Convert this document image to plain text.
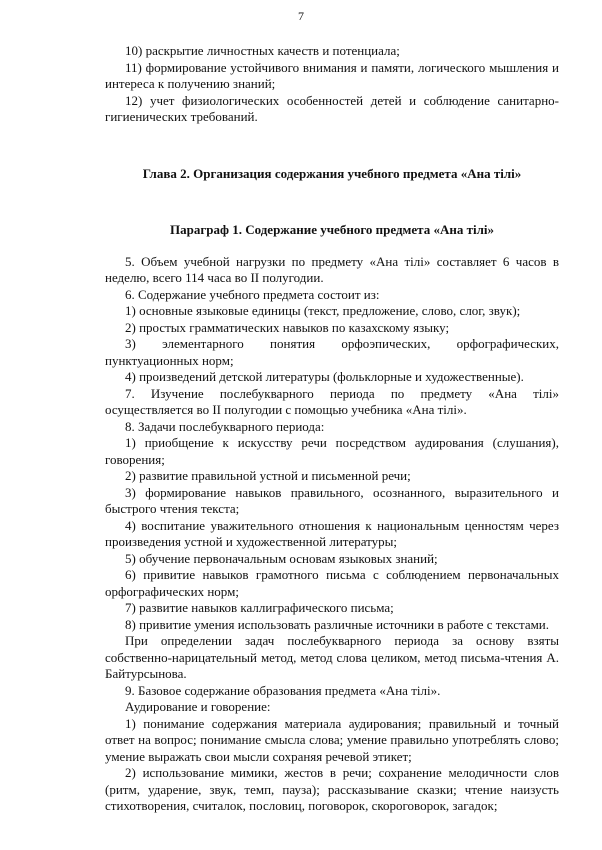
7

10) раскрытие личностных качеств и потенциала;

11) формирование устойчивого внимания и памяти, логического мышления и интереса к получению знаний;

12) учет физиологических особенностей детей и соблюдение санитарно-гигиенических требований.

Глава 2. Организация содержания учебного предмета «Ана тілі»

Параграф 1. Содержание учебного предмета «Ана тілі»

5. Объем учебной нагрузки по предмету «Ана тілі» составляет 6 часов в неделю, всего 114 часа во II полугодии.

6. Содержание учебного предмета состоит из:

1) основные языковые единицы (текст, предложение, слово, слог, звук);

2) простых грамматических навыков по казахскому языку;

3) элементарного понятия орфоэпических, орфографических, пунктуационных норм;

4) произведений детской литературы (фольклорные и художественные).

7. Изучение послебукварного периода по предмету «Ана тілі» осуществляется во II полугодии с помощью учебника «Ана тілі».

8. Задачи послебукварного периода:

1) приобщение к искусству речи посредством аудирования (слушания), говорения;

2) развитие правильной устной и письменной речи;

3) формирование навыков правильного, осознанного, выразительного и быстрого чтения текста;

4) воспитание уважительного отношения к национальным ценностям через произведения устной и художественной литературы;

5) обучение первоначальным основам языковых знаний;

6) привитие навыков грамотного письма с соблюдением первоначальных орфографических норм;

7) развитие навыков каллиграфического письма;

8) привитие умения использовать различные источники в работе с текстами.

При определении задач послебукварного периода за основу взяты собственно-нарицательный метод, метод слова целиком, метод письма-чтения А. Байтурсынова.

9. Базовое содержание образования предмета «Ана тілі».

Аудирование и говорение:

1) понимание содержания материала аудирования; правильный и точный ответ на вопрос; понимание смысла слова; умение правильно употреблять слово; умение выражать свои мысли сохраняя речевой этикет;

2) использование мимики, жестов в речи; сохранение мелодичности слов (ритм, ударение, звук, темп, пауза); рассказывание сказки; чтение наизусть стихотворения, считалок, пословиц, поговорок, скороговорок, загадок;
